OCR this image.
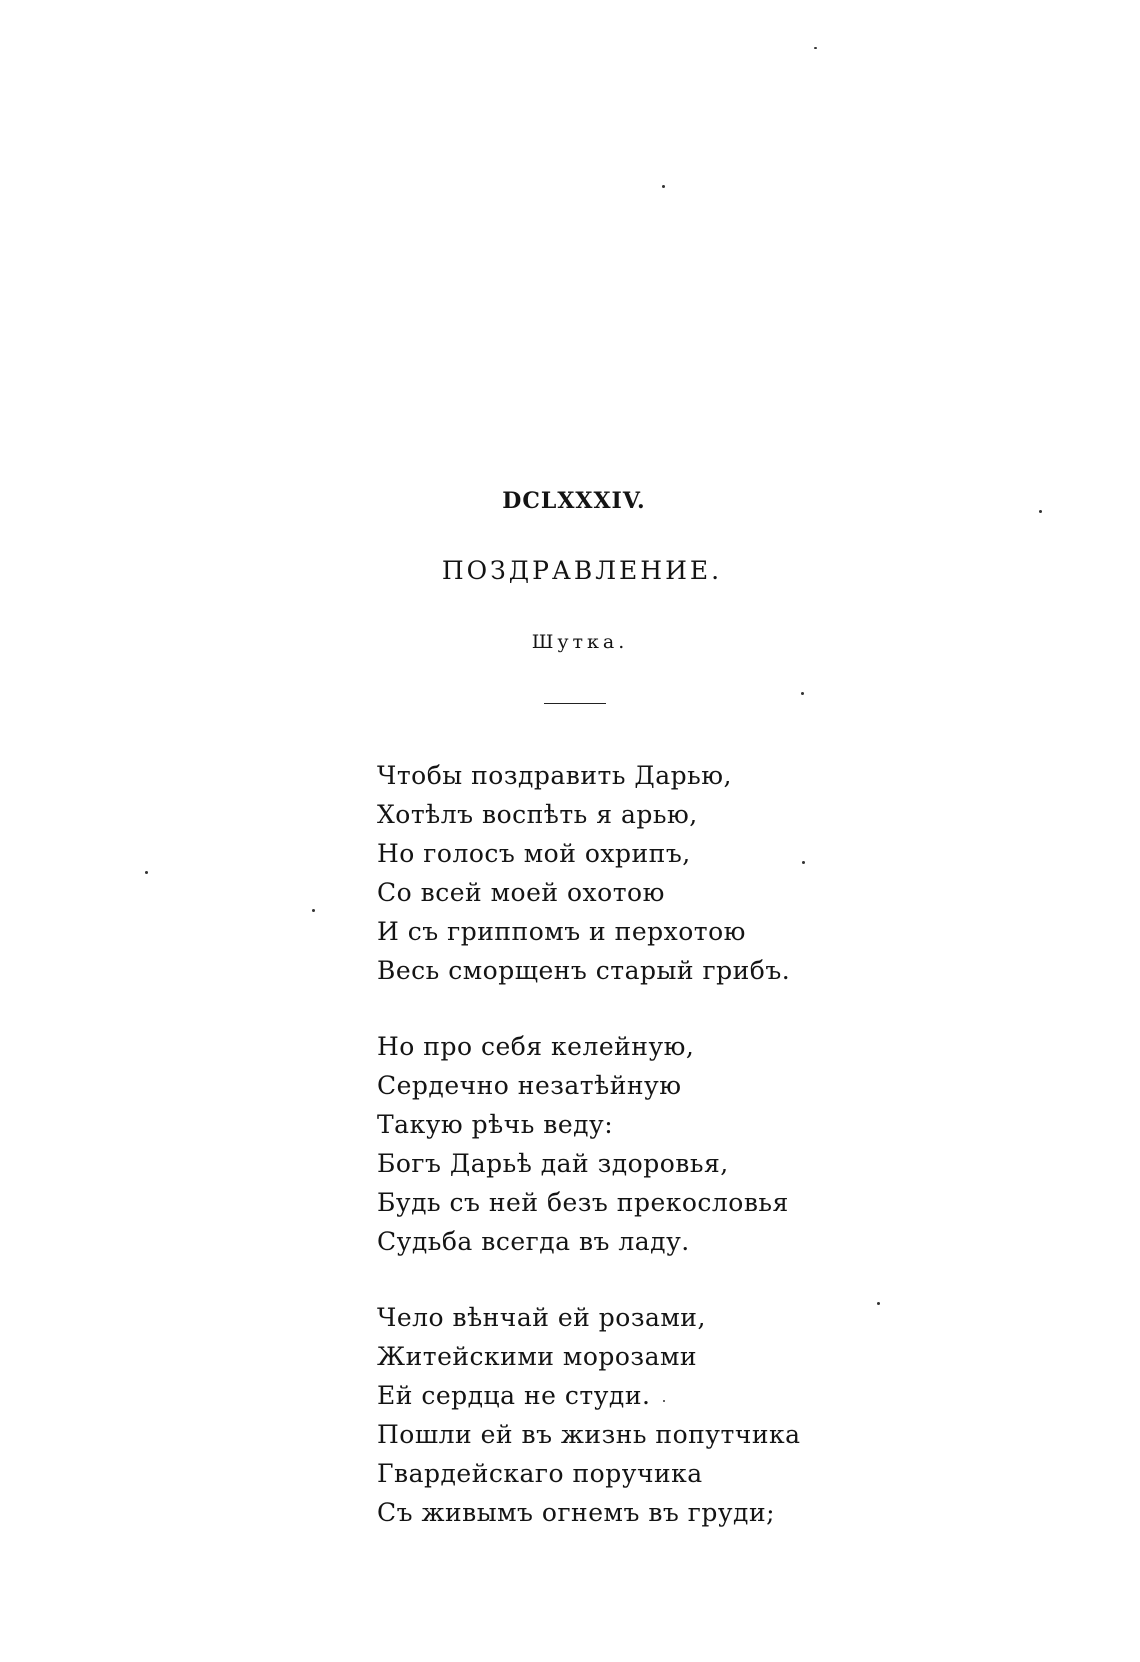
DCLXXXIV.
ПОЗДРАВЛЕНИЕ.
Шутка.
Чтобы поздравить Дарью,
Хотѣлъ воспѣть я арью,
Но голосъ мой охрипъ,
Со всей моей охотою
И съ гриппомъ и перхотою
Весь сморщенъ старый грибъ.
Но про себя келейную,
Сердечно незатѣйную
Такую рѣчь веду:
Богъ Дарьѣ дай здоровья,
Будь съ ней безъ прекословья
Судьба всегда въ ладу.
Чело вѣнчай ей розами,
Житейскими морозами
Ей сердца не студи.
Пошли ей въ жизнь попутчика
Гвардейскаго поручика
Съ живымъ огнемъ въ груди;
